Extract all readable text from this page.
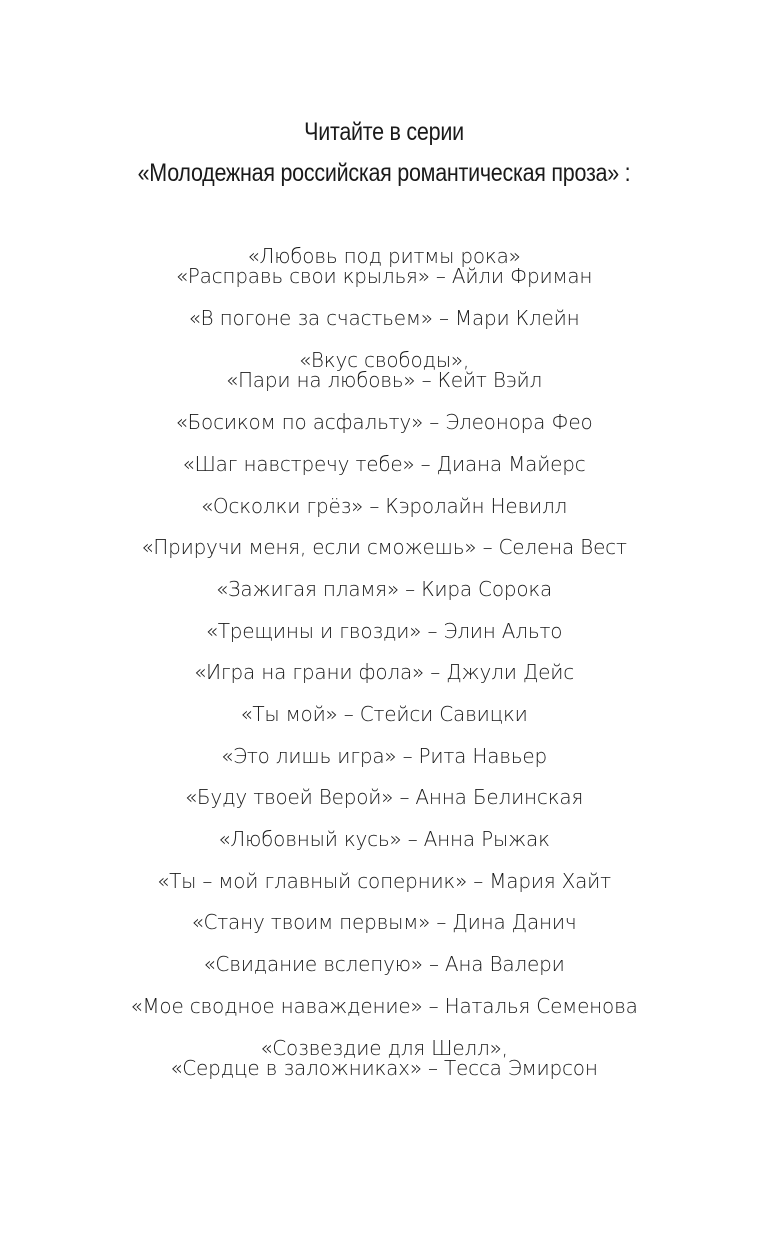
Читайте в серии
«Молодежная российская романтическая проза» :
«Любовь под ритмы рока»
«Расправь свои крылья» – Айли Фриман
«В погоне за счастьем» – Мари Клейн
«Вкус свободы»,
«Пари на любовь» – Кейт Вэйл
«Босиком по асфальту» – Элеонора Фео
«Шаг навстречу тебе» – Диана Майерс
«Осколки грёз» – Кэролайн Невилл
«Приручи меня, если сможешь» – Селена Вест
«Зажигая пламя» – Кира Сорока
«Трещины и гвозди» – Элин Альто
«Игра на грани фола» – Джули Дейс
«Ты мой» – Стейси Савицки
«Это лишь игра» – Рита Навьер
«Буду твоей Верой» – Анна Белинская
«Любовный кусь» – Анна Рыжак
«Ты – мой главный соперник» – Мария Хайт
«Стану твоим первым» – Дина Данич
«Свидание вслепую» – Ана Валери
«Мое сводное наваждение» – Наталья Семенова
«Созвездие для Шелл»,
«Сердце в заложниках» – Тесса Эмирсон
